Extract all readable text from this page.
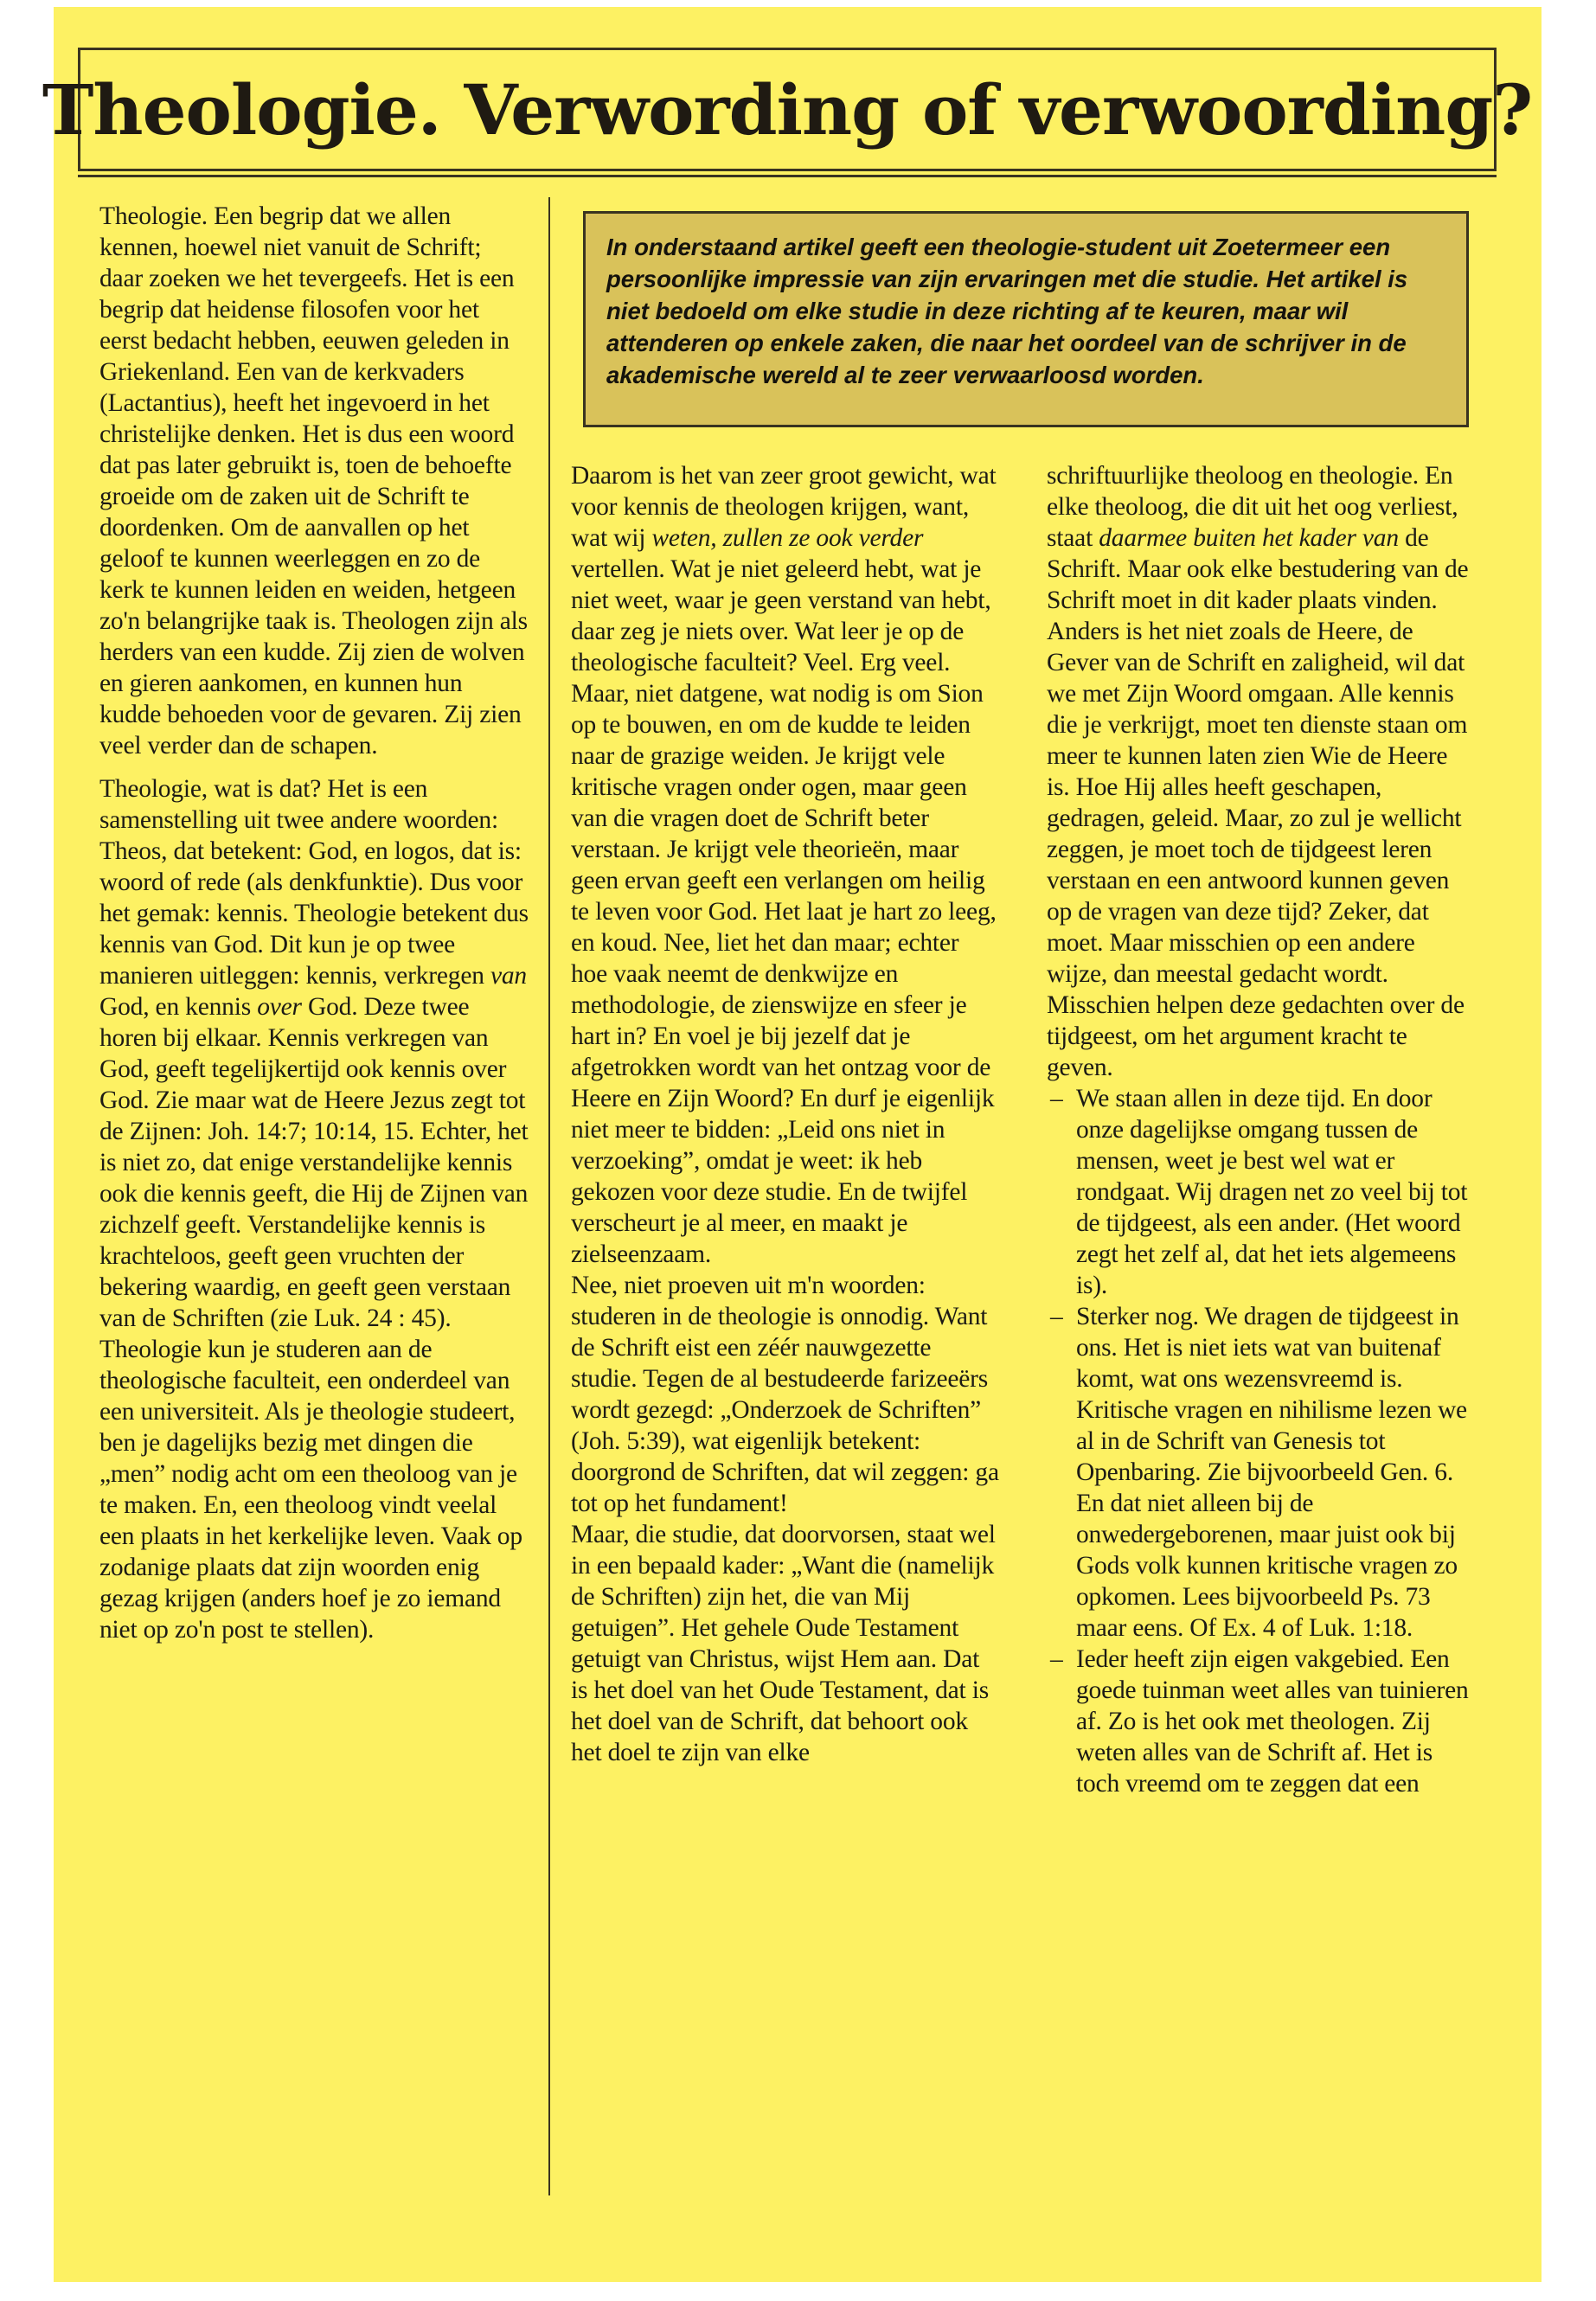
Theologie. Verwording of verwoording?

Theologie. Een begrip dat we allen kennen, hoewel niet vanuit de Schrift; daar zoeken we het tevergeefs. Het is een begrip dat heidense filosofen voor het eerst bedacht hebben, eeuwen geleden in Griekenland. Een van de kerkvaders (Lactantius), heeft het ingevoerd in het christelijke denken. Het is dus een woord dat pas later gebruikt is, toen de behoefte groeide om de zaken uit de Schrift te doordenken. Om de aanvallen op het geloof te kunnen weerleggen en zo de kerk te kunnen leiden en weiden, hetgeen zo'n belangrijke taak is. Theologen zijn als herders van een kudde. Zij zien de wolven en gieren aankomen, en kunnen hun kudde behoeden voor de gevaren. Zij zien veel verder dan de schapen.

Theologie, wat is dat? Het is een samenstelling uit twee andere woorden: Theos, dat betekent: God, en logos, dat is: woord of rede (als denkfunktie). Dus voor het gemak: kennis. Theologie betekent dus kennis van God. Dit kun je op twee manieren uitleggen: kennis, verkregen van God, en kennis over God. Deze twee horen bij elkaar. Kennis verkregen van God, geeft tegelijkertijd ook kennis over God. Zie maar wat de Heere Jezus zegt tot de Zijnen: Joh. 14:7; 10:14, 15. Echter, het is niet zo, dat enige verstandelijke kennis ook die kennis geeft, die Hij de Zijnen van zichzelf geeft. Verstandelijke kennis is krachteloos, geeft geen vruchten der bekering waardig, en geeft geen verstaan van de Schriften (zie Luk. 24 : 45). Theologie kun je studeren aan de theologische faculteit, een onderdeel van een universiteit. Als je theologie studeert, ben je dagelijks bezig met dingen die „men” nodig acht om een theoloog van je te maken. En, een theoloog vindt veelal een plaats in het kerkelijke leven. Vaak op zodanige plaats dat zijn woorden enig gezag krijgen (anders hoef je zo iemand niet op zo'n post te stellen).

In onderstaand artikel geeft een theologie-student uit Zoetermeer een persoonlijke impressie van zijn ervaringen met die studie. Het artikel is niet bedoeld om elke studie in deze richting af te keuren, maar wil attenderen op enkele zaken, die naar het oordeel van de schrijver in de akademische wereld al te zeer verwaarloosd worden.

Daarom is het van zeer groot gewicht, wat voor kennis de theologen krijgen, want, wat wij weten, zullen ze ook verder vertellen. Wat je niet geleerd hebt, wat je niet weet, waar je geen verstand van hebt, daar zeg je niets over. Wat leer je op de theologische faculteit? Veel. Erg veel. Maar, niet datgene, wat nodig is om Sion op te bouwen, en om de kudde te leiden naar de grazige weiden. Je krijgt vele kritische vragen onder ogen, maar geen van die vragen doet de Schrift beter verstaan. Je krijgt vele theorieën, maar geen ervan geeft een verlangen om heilig te leven voor God. Het laat je hart zo leeg, en koud. Nee, liet het dan maar; echter hoe vaak neemt de denkwijze en methodologie, de zienswijze en sfeer je hart in? En voel je bij jezelf dat je afgetrokken wordt van het ontzag voor de Heere en Zijn Woord? En durf je eigenlijk niet meer te bidden: „Leid ons niet in verzoeking”, omdat je weet: ik heb gekozen voor deze studie. En de twijfel verscheurt je al meer, en maakt je zielseenzaam.

Nee, niet proeven uit m'n woorden: studeren in de theologie is onnodig. Want de Schrift eist een zéér nauwgezette studie. Tegen de al bestudeerde farizeeërs wordt gezegd: „Onderzoek de Schriften” (Joh. 5:39), wat eigenlijk betekent: doorgrond de Schriften, dat wil zeggen: ga tot op het fundament!

Maar, die studie, dat doorvorsen, staat wel in een bepaald kader: „Want die (namelijk de Schriften) zijn het, die van Mij getuigen”. Het gehele Oude Testament getuigt van Christus, wijst Hem aan. Dat is het doel van het Oude Testament, dat is het doel van de Schrift, dat behoort ook het doel te zijn van elke

schriftuurlijke theoloog en theologie. En elke theoloog, die dit uit het oog verliest, staat daarmee buiten het kader van de Schrift. Maar ook elke bestudering van de Schrift moet in dit kader plaats vinden. Anders is het niet zoals de Heere, de Gever van de Schrift en zaligheid, wil dat we met Zijn Woord omgaan. Alle kennis die je verkrijgt, moet ten dienste staan om meer te kunnen laten zien Wie de Heere is. Hoe Hij alles heeft geschapen, gedragen, geleid. Maar, zo zul je wellicht zeggen, je moet toch de tijdgeest leren verstaan en een antwoord kunnen geven op de vragen van deze tijd? Zeker, dat moet. Maar misschien op een andere wijze, dan meestal gedacht wordt. Misschien helpen deze gedachten over de tijdgeest, om het argument kracht te geven.

– We staan allen in deze tijd. En door onze dagelijkse omgang tussen de mensen, weet je best wel wat er rondgaat. Wij dragen net zo veel bij tot de tijdgeest, als een ander. (Het woord zegt het zelf al, dat het iets algemeens is).
– Sterker nog. We dragen de tijdgeest in ons. Het is niet iets wat van buitenaf komt, wat ons wezensvreemd is. Kritische vragen en nihilisme lezen we al in de Schrift van Genesis tot Openbaring. Zie bijvoorbeeld Gen. 6. En dat niet alleen bij de onwedergeborenen, maar juist ook bij Gods volk kunnen kritische vragen zo opkomen. Lees bijvoorbeeld Ps. 73 maar eens. Of Ex. 4 of Luk. 1:18.
– Ieder heeft zijn eigen vakgebied. Een goede tuinman weet alles van tuinieren af. Zo is het ook met theologen. Zij weten alles van de Schrift af. Het is toch vreemd om te zeggen dat een
